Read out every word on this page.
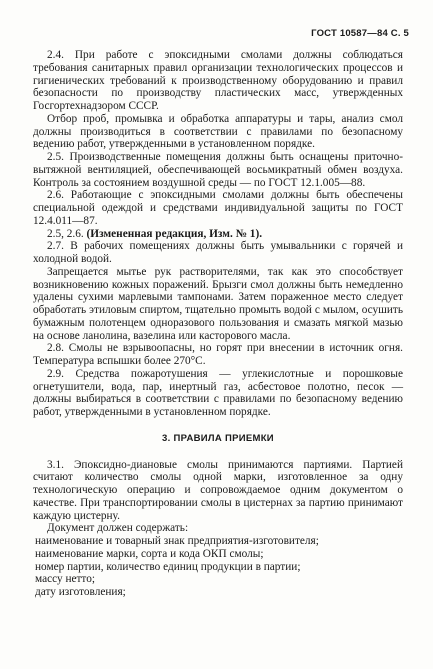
ГОСТ 10587—84 С. 5

2.4. При работе с эпоксидными смолами должны соблюдаться требования санитарных правил организации технологических процессов и гигиенических требований к производственному оборудованию и правил безопасности по производству пластических масс, утвержденных Госгортехнадзором СССР.

Отбор проб, промывка и обработка аппаратуры и тары, анализ смол должны производиться в соответствии с правилами по безопасному ведению работ, утвержденными в установленном порядке.

2.5. Производственные помещения должны быть оснащены приточно-вытяжной вентиляцией, обеспечивающей восьмикратный обмен воздуха. Контроль за состоянием воздушной среды — по ГОСТ 12.1.005—88.

2.6. Работающие с эпоксидными смолами должны быть обеспечены специальной одеждой и средствами индивидуальной защиты по ГОСТ 12.4.011—87.

2.5, 2.6. (Измененная редакция, Изм. № 1).

2.7. В рабочих помещениях должны быть умывальники с горячей и холодной водой.

Запрещается мытье рук растворителями, так как это способствует возникновению кожных поражений. Брызги смол должны быть немедленно удалены сухими марлевыми тампонами. Затем пораженное место следует обработать этиловым спиртом, тщательно промыть водой с мылом, осушить бумажным полотенцем одноразового пользования и смазать мягкой мазью на основе ланолина, вазелина или касторового масла.

2.8. Смолы не взрывоопасны, но горят при внесении в источник огня. Температура вспышки более 270°С.

2.9. Средства пожаротушения — углекислотные и порошковые огнетушители, вода, пар, инертный газ, асбестовое полотно, песок — должны выбираться в соответствии с правилами по безопасному ведению работ, утвержденными в установленном порядке.

3. ПРАВИЛА ПРИЕМКИ

3.1. Эпоксидно-диановые смолы принимаются партиями. Партией считают количество смолы одной марки, изготовленное за одну технологическую операцию и сопровождаемое одним документом о качестве. При транспортировании смолы в цистернах за партию принимают каждую цистерну.

Документ должен содержать:

наименование и товарный знак предприятия-изготовителя;

наименование марки, сорта и кода ОКП смолы;

номер партии, количество единиц продукции в партии;

массу нетто;

дату изготовления;
